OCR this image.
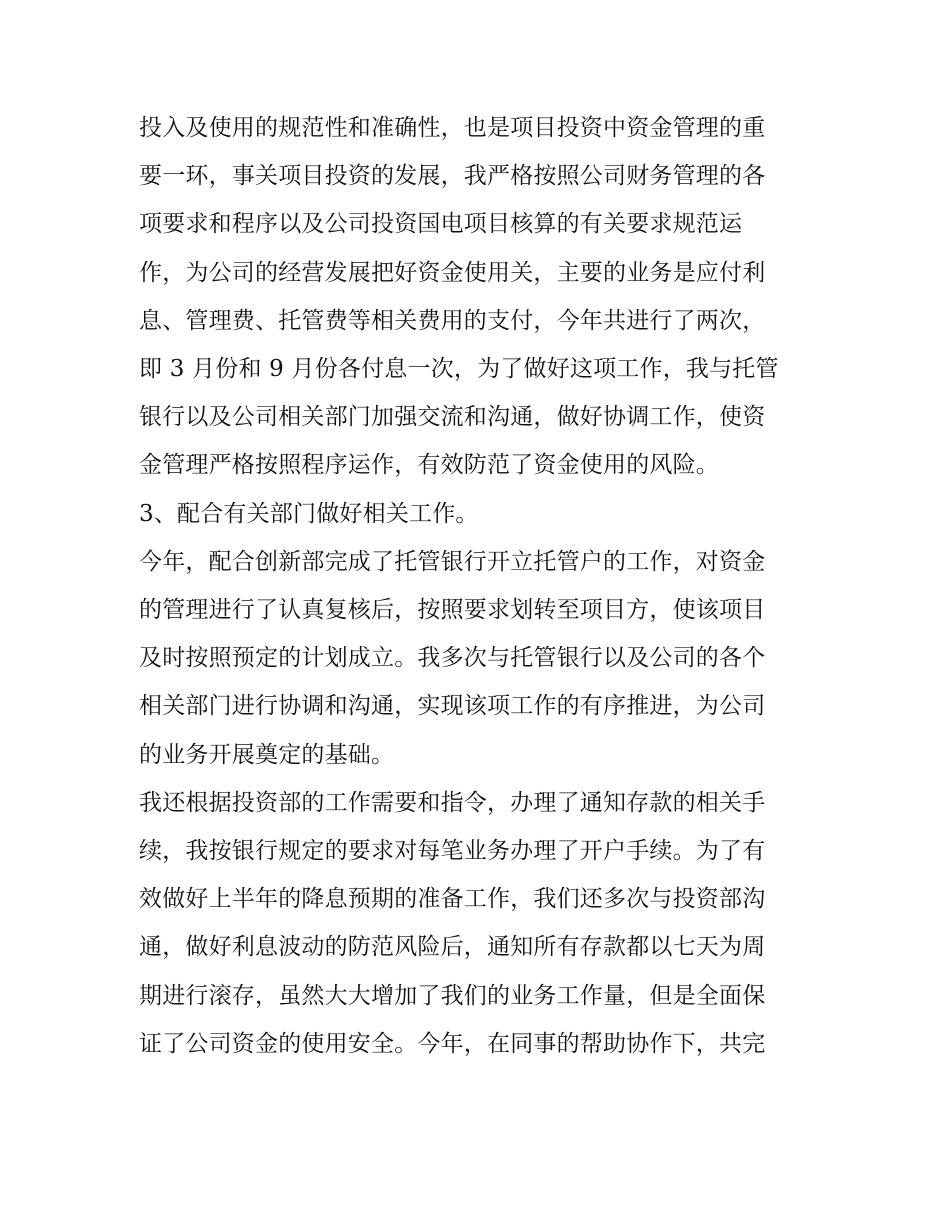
投入及使用的规范性和准确性，也是项目投资中资金管理的重
要一环，事关项目投资的发展，我严格按照公司财务管理的各
项要求和程序以及公司投资国电项目核算的有关要求规范运
作，为公司的经营发展把好资金使用关，主要的业务是应付利
息、管理费、托管费等相关费用的支付，今年共进行了两次，
即 3 月份和 9 月份各付息一次，为了做好这项工作，我与托管
银行以及公司相关部门加强交流和沟通，做好协调工作，使资
金管理严格按照程序运作，有效防范了资金使用的风险。
3、配合有关部门做好相关工作。
今年，配合创新部完成了托管银行开立托管户的工作，对资金
的管理进行了认真复核后，按照要求划转至项目方，使该项目
及时按照预定的计划成立。我多次与托管银行以及公司的各个
相关部门进行协调和沟通，实现该项工作的有序推进，为公司
的业务开展奠定的基础。
我还根据投资部的工作需要和指令，办理了通知存款的相关手
续，我按银行规定的要求对每笔业务办理了开户手续。为了有
效做好上半年的降息预期的准备工作，我们还多次与投资部沟
通，做好利息波动的防范风险后，通知所有存款都以七天为周
期进行滚存，虽然大大增加了我们的业务工作量，但是全面保
证了公司资金的使用安全。今年，在同事的帮助协作下，共完
